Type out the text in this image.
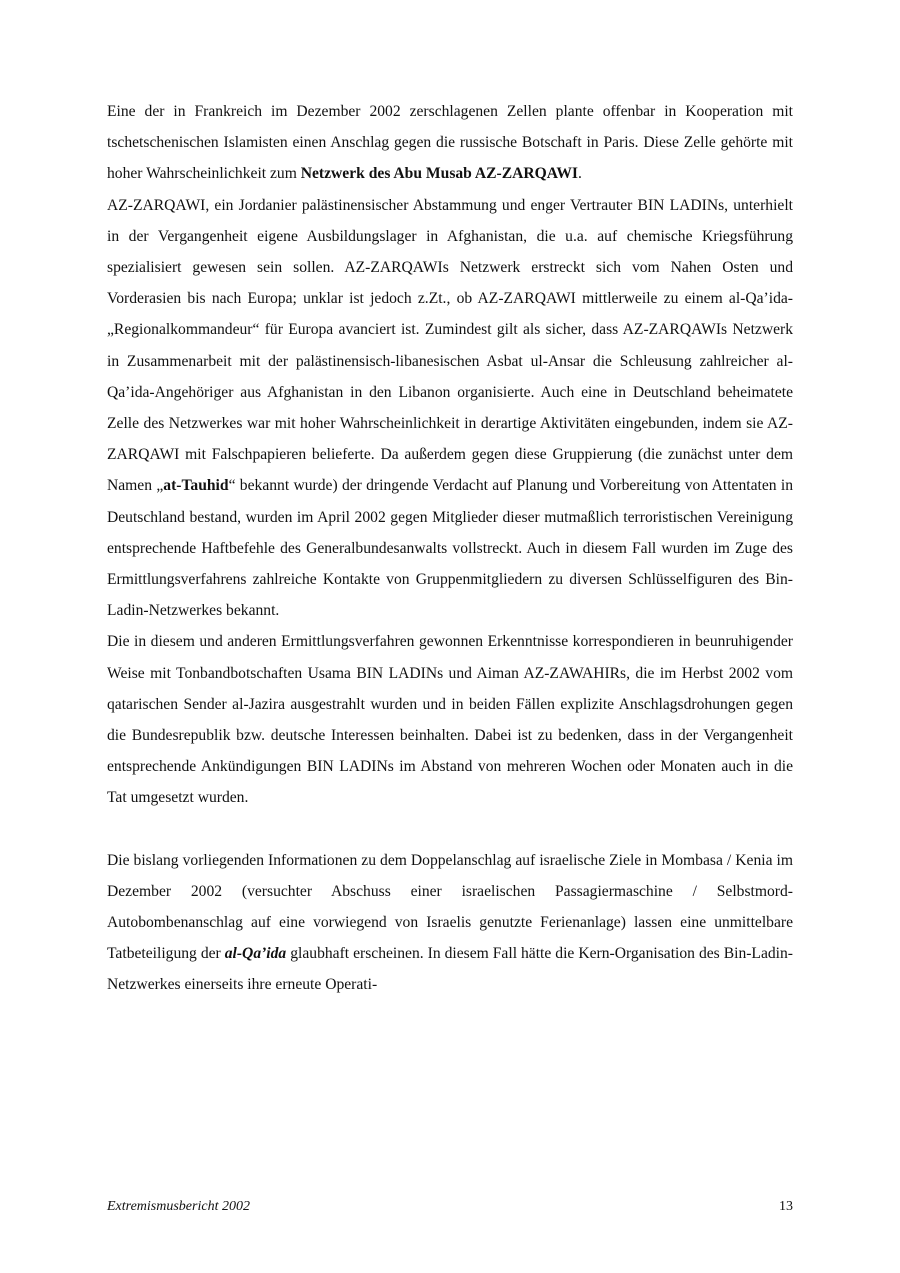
Eine der in Frankreich im Dezember 2002 zerschlagenen Zellen plante offenbar in Kooperation mit tschetschenischen Islamisten einen Anschlag gegen die russische Botschaft in Paris. Diese Zelle gehörte mit hoher Wahrscheinlichkeit zum Netzwerk des Abu Musab AZ-ZARQAWI.

AZ-ZARQAWI, ein Jordanier palästinensischer Abstammung und enger Vertrauter BIN LADINs, unterhielt in der Vergangenheit eigene Ausbildungslager in Afghanistan, die u.a. auf chemische Kriegsführung spezialisiert gewesen sein sollen. AZ-ZARQAWIs Netzwerk erstreckt sich vom Nahen Osten und Vorderasien bis nach Europa; unklar ist jedoch z.Zt., ob AZ-ZARQAWI mittlerweile zu einem al-Qa’ida-„Regionalkommandeur“ für Europa avanciert ist. Zumindest gilt als sicher, dass AZ-ZARQAWIs Netzwerk in Zusammenarbeit mit der palästinensisch-libanesischen Asbat ul-Ansar die Schleusung zahlreicher al-Qa’ida-Angehöriger aus Afghanistan in den Libanon organisierte. Auch eine in Deutschland beheimatete Zelle des Netzwerkes war mit hoher Wahrscheinlichkeit in derartige Aktivitäten eingebunden, indem sie AZ-ZARQAWI mit Falschpapieren belieferte. Da außerdem gegen diese Gruppierung (die zunächst unter dem Namen „at-Tauhid“ bekannt wurde) der dringende Verdacht auf Planung und Vorbereitung von Attentaten in Deutschland bestand, wurden im April 2002 gegen Mitglieder dieser mutmaßlich terroristischen Vereinigung entsprechende Haftbefehle des Generalbundesanwalts vollstreckt. Auch in diesem Fall wurden im Zuge des Ermittlungsverfahrens zahlreiche Kontakte von Gruppenmitgliedern zu diversen Schlüsselfiguren des Bin-Ladin-Netzwerkes bekannt.

Die in diesem und anderen Ermittlungsverfahren gewonnen Erkenntnisse korrespondieren in beunruhigender Weise mit Tonbandbotschaften Usama BIN LADINs und Aiman AZ-ZAWAHIRs, die im Herbst 2002 vom qatarischen Sender al-Jazira ausgestrahlt wurden und in beiden Fällen explizite Anschlagsdrohungen gegen die Bundesrepublik bzw. deutsche Interessen beinhalten. Dabei ist zu bedenken, dass in der Vergangenheit entsprechende Ankündigungen BIN LADINs im Abstand von mehreren Wochen oder Monaten auch in die Tat umgesetzt wurden.

Die bislang vorliegenden Informationen zu dem Doppelanschlag auf israelische Ziele in Mombasa / Kenia im Dezember 2002 (versuchter Abschuss einer israelischen Passagiermaschine / Selbstmord-Autobombenanschlag auf eine vorwiegend von Israelis genutzte Ferienanlage) lassen eine unmittelbare Tatbeteiligung der al-Qa’ida glaubhaft erscheinen. In diesem Fall hätte die Kern-Organisation des Bin-Ladin-Netzwerkes einerseits ihre erneute Operati-

Extremismusbericht 2002	13
